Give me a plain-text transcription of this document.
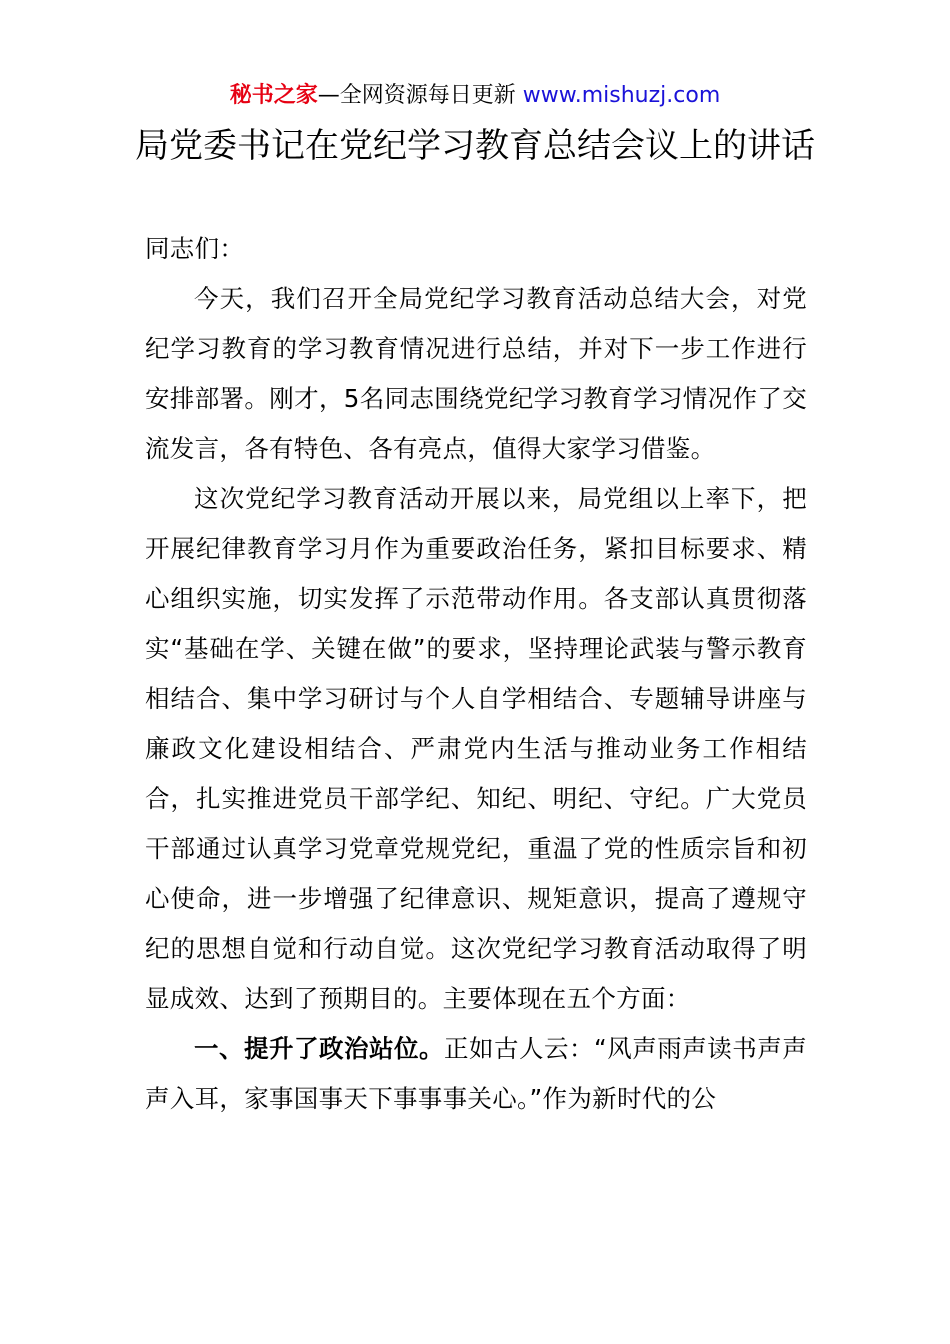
秘书之家—全网资源每日更新 www.mishuzj.com
局党委书记在党纪学习教育总结会议上的讲话

同志们：

今天，我们召开全局党纪学习教育活动总结大会，对党纪学习教育的学习教育情况进行总结，并对下一步工作进行安排部署。刚才，5名同志围绕党纪学习教育学习情况作了交流发言，各有特色、各有亮点，值得大家学习借鉴。

这次党纪学习教育活动开展以来，局党组以上率下，把开展纪律教育学习月作为重要政治任务，紧扣目标要求、精心组织实施，切实发挥了示范带动作用。各支部认真贯彻落实“基础在学、关键在做”的要求，坚持理论武装与警示教育相结合、集中学习研讨与个人自学相结合、专题辅导讲座与廉政文化建设相结合、严肃党内生活与推动业务工作相结合，扎实推进党员干部学纪、知纪、明纪、守纪。广大党员干部通过认真学习党章党规党纪，重温了党的性质宗旨和初心使命，进一步增强了纪律意识、规矩意识，提高了遵规守纪的思想自觉和行动自觉。这次党纪学习教育活动取得了明显成效、达到了预期目的。主要体现在五个方面：

一、提升了政治站位。正如古人云：“风声雨声读书声声声入耳，家事国事天下事事事关心。”作为新时代的公
